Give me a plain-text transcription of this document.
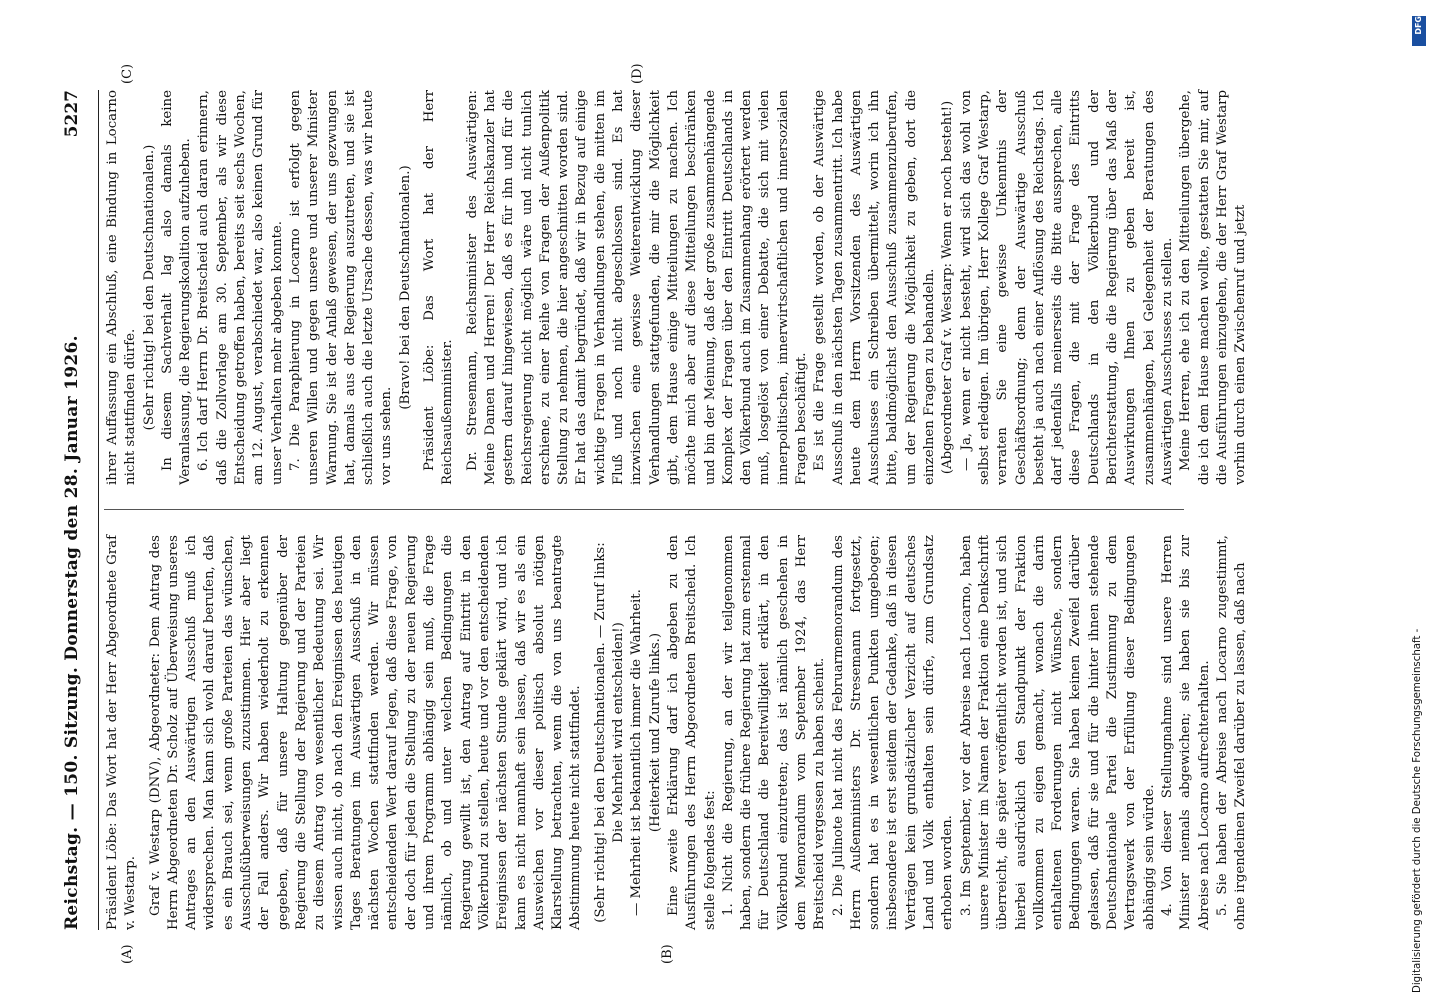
Reichstag. — 150. Sitzung. Donnerstag den 28. Januar 1926.
5227
(A)	(B)
(C)	(D)

Präsident Löbe: Das Wort hat der Herr Abgeordnete Graf v. Westarp. Graf v. Westarp (DNV), Abgeordneter: Dem Antrag des Herrn Abgeordneten Dr. Scholz auf Überweisung unseres Antrages an den Auswärtigen Ausschuß muß ich widersprechen. Man kann sich wohl darauf berufen, daß es ein Brauch sei, wenn große Parteien das wünschen, Ausschußüberweisungen zuzustimmen. Hier aber liegt der Fall anders. Wir haben wiederholt zu erkennen gegeben, daß für unsere Haltung gegenüber der Regierung die Stellung der Regierung und der Parteien zu diesem Antrag von wesentlicher Bedeutung sei. Wir wissen auch nicht, ob nach den Ereignissen des heutigen Tages Beratungen im Auswärtigen Ausschuß in den nächsten Wochen stattfinden werden. Wir müssen entscheidenden Wert darauf legen, daß diese Frage, von der doch für jeden die Stellung zu der neuen Regierung und ihrem Programm abhängig sein muß, die Frage nämlich, ob und unter welchen Bedingungen die Regierung gewillt ist, den Antrag auf Eintritt in den Völkerbund zu stellen, heute und vor den entscheidenden Ereignissen der nächsten Stunde geklärt wird, und ich kann es nicht mannhaft sein lassen, daß wir es als ein Ausweichen vor dieser politisch absolut nötigen Klarstellung betrachten, wenn die von uns beantragte Abstimmung heute nicht stattfindet. (Sehr richtig! bei den Deutschnationalen. — Zuruf links: Die Mehrheit wird entscheiden!) — Mehrheit ist bekanntlich immer die Wahrheit. (Heiterkeit und Zurufe links.) Eine zweite Erklärung darf ich abgeben zu den Ausführungen des Herrn Abgeordneten Breitscheid. Ich stelle folgendes fest: 1. Nicht die Regierung, an der wir teilgenommen haben, sondern die frühere Regierung hat zum erstenmal für Deutschland die Bereitwilligkeit erklärt, in den Völkerbund einzutreten; das ist nämlich geschehen in dem Memorandum vom September 1924, das Herr Breitscheid vergessen zu haben scheint. 2. Die Julinote hat nicht das Februarmemorandum des Herrn Außenministers Dr. Stresemann fortgesetzt, sondern hat es in wesentlichen Punkten umgebogen; insbesondere ist erst seitdem der Gedanke, daß in diesen Verträgen kein grundsätzlicher Verzicht auf deutsches Land und Volk enthalten sein dürfe, zum Grundsatz erhoben worden. 3. Im September, vor der Abreise nach Locarno, haben unsere Minister im Namen der Fraktion eine Denkschrift überreicht, die später veröffentlicht worden ist, und sich hierbei ausdrücklich den Standpunkt der Fraktion vollkommen zu eigen gemacht, wonach die darin enthaltenen Forderungen nicht Wünsche, sondern Bedingungen waren. Sie haben keinen Zweifel darüber gelassen, daß für sie und für die hinter ihnen stehende Deutschnationale Partei die Zustimmung zu dem Vertragswerk von der Erfüllung dieser Bedingungen abhängig sein würde. 4. Von dieser Stellungnahme sind unsere Herren Minister niemals abgewichen; sie haben sie bis zur Abreise nach Locarno aufrechterhalten. 5. Sie haben der Abreise nach Locarno zugestimmt, ohne irgendeinen Zweifel darüber zu lassen, daß nach

ihrer Auffassung ein Abschluß, eine Bindung in Locarno nicht stattfinden dürfe. (Sehr richtig! bei den Deutschnationalen.) In diesem Sachverhalt lag also damals keine Veranlassung, die Regierungskoalition aufzuheben. 6. Ich darf Herrn Dr. Breitscheid auch daran erinnern, daß die Zollvorlage am 30. September, als wir diese Entscheidung getroffen haben, bereits seit sechs Wochen, am 12. August, verabschiedet war, also keinen Grund für unser Verhalten mehr abgeben konnte. 7. Die Paraphierung in Locarno ist erfolgt gegen unseren Willen und gegen unsere und unserer Minister Warnung. Sie ist der Anlaß gewesen, der uns gezwungen hat, damals aus der Regierung auszutreten, und sie ist schließlich auch die letzte Ursache dessen, was wir heute vor uns sehen.

(Bravo! bei den Deutschnationalen.) Präsident Löbe: Das Wort hat der Herr Reichsaußenminister. Dr. Stresemann, Reichsminister des Auswärtigen: Meine Damen und Herren! Der Herr Reichskanzler hat gestern darauf hingewiesen, daß es für ihn und für die Reichsregierung nicht möglich wäre und nicht tunlich erschiene, zu einer Reihe von Fragen der Außenpolitik Stellung zu nehmen, die hier angeschnitten worden sind. Er hat das damit begründet, daß wir in Bezug auf einige wichtige Fragen in Verhandlungen stehen, die mitten im Fluß und noch nicht abgeschlossen sind. Es hat inzwischen eine gewisse Weiterentwicklung dieser Verhandlungen stattgefunden, die mir die Möglichkeit gibt, dem Hause einige Mitteilungen zu machen. Ich möchte mich aber auf diese Mitteilungen beschränken und bin der Meinung, daß der große zusammenhängende Komplex der Fragen über den Eintritt Deutschlands in den Völkerbund auch im Zusammenhang erörtert werden muß, losgelöst von einer Debatte, die sich mit vielen innerpolitischen, innerwirtschaftlichen und innersozialen Fragen beschäftigt. Es ist die Frage gestellt worden, ob der Auswärtige Ausschuß in den nächsten Tagen zusammentritt. Ich habe heute dem Herrn Vorsitzenden des Auswärtigen Ausschusses ein Schreiben übermittelt, worin ich ihn bitte, baldmöglichst den Ausschuß zusammenzuberufen, um der Regierung die Möglichkeit zu geben, dort die einzelnen Fragen zu behandeln. (Abgeordneter Graf v. Westarp: Wenn er noch besteht!) — Ja, wenn er nicht besteht, wird sich das wohl von selbst erledigen. Im übrigen, Herr Kollege Graf Westarp, verraten Sie eine gewisse Unkenntnis der Geschäftsordnung; denn der Auswärtige Ausschuß besteht ja auch nach einer Auflösung des Reichstags. Ich darf jedenfalls meinerseits die Bitte aussprechen, alle diese Fragen, die mit der Frage des Eintritts Deutschlands in den Völkerbund und der Berichterstattung, die die Regierung über das Maß der Auswirkungen Ihnen zu geben bereit ist, zusammenhängen, bei Gelegenheit der Beratungen des Auswärtigen Ausschusses zu stellen. Meine Herren, ehe ich zu den Mitteilungen übergehe, die ich dem Hause machen wollte, gestatten Sie mir, auf die Ausführungen einzugehen, die der Herr Graf Westarp vorhin durch einen Zwischenruf und jetzt

DFG
Digitalisierung gefördert durch die Deutsche Forschungsgemeinschaft -
